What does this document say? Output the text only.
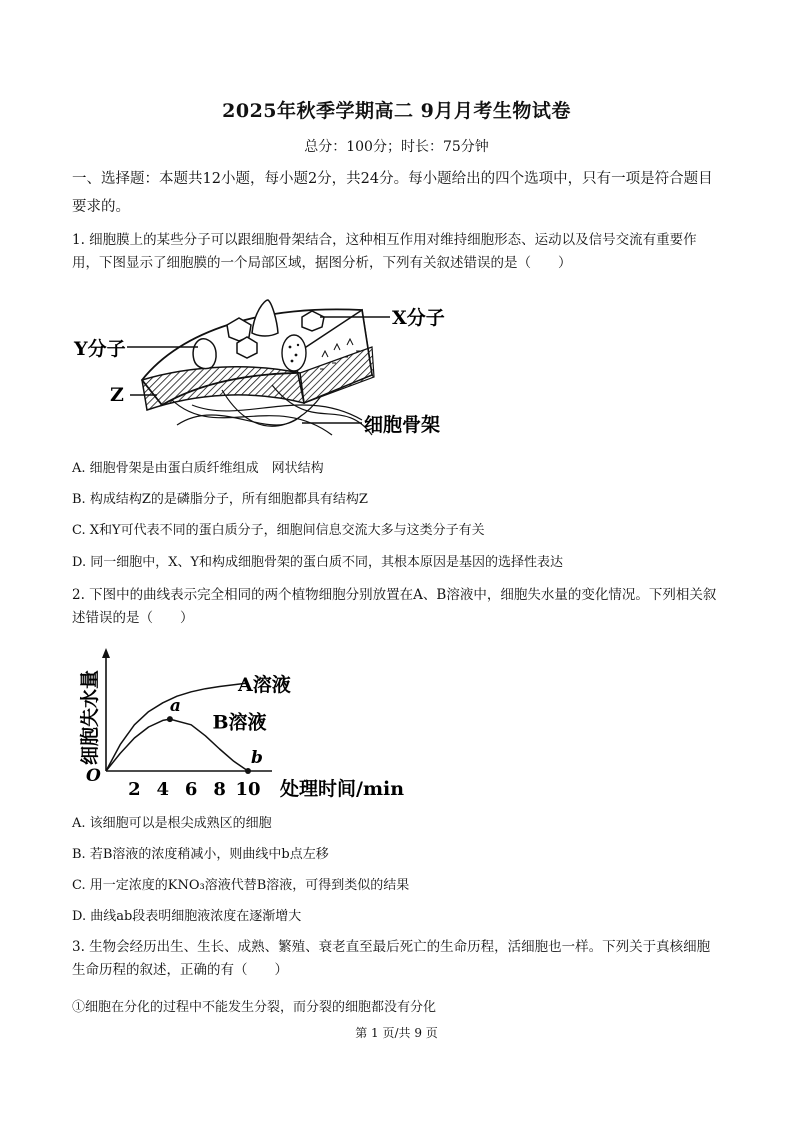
2025年秋季学期高二 9月月考生物试卷
总分：100分；时长：75分钟
一、选择题：本题共12小题，每小题2分，共24分。每小题给出的四个选项中，只有一项是符合题目要求的。
1. 细胞膜上的某些分子可以跟细胞骨架结合，这种相互作用对维持细胞形态、运动以及信号交流有重要作用，下图显示了细胞膜的一个局部区域，据图分析，下列有关叙述错误的是（　　）
X分子
Y分子
Z
细胞骨架
A. 细胞骨架是由蛋白质纤维组成　网状结构
B. 构成结构Z的是磷脂分子，所有细胞都具有结构Z
C. X和Y可代表不同的蛋白质分子，细胞间信息交流大多与这类分子有关
D. 同一细胞中，X、Y和构成细胞骨架的蛋白质不同，其根本原因是基因的选择性表达
2. 下图中的曲线表示完全相同的两个植物细胞分别放置在A、B溶液中，细胞失水量的变化情况。下列相关叙述错误的是（　　）
细胞失水量
O
处理时间/min
2 4 6 8 10
A溶液
B溶液
a
b
A. 该细胞可以是根尖成熟区的细胞
B. 若B溶液的浓度稍减小，则曲线中b点左移
C. 用一定浓度的KNO₃溶液代替B溶液，可得到类似的结果
D. 曲线ab段表明细胞液浓度在逐渐增大
3. 生物会经历出生、生长、成熟、繁殖、衰老直至最后死亡的生命历程，活细胞也一样。下列关于真核细胞生命历程的叙述，正确的有（　　）
①细胞在分化的过程中不能发生分裂，而分裂的细胞都没有分化
第 1 页/共 9 页
